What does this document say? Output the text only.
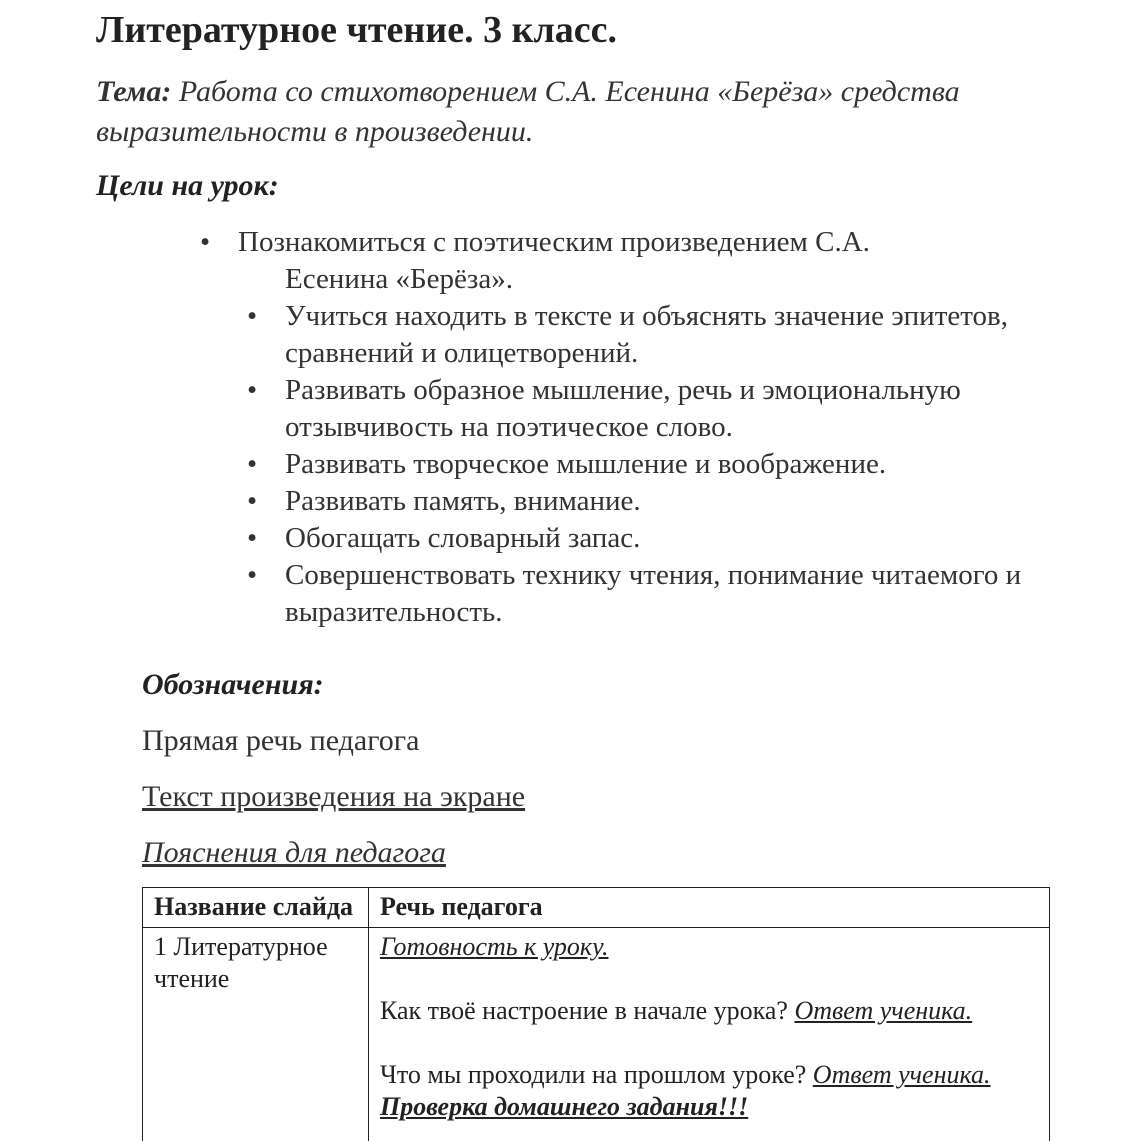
Литературное чтение. 3 класс.
Тема: Работа со стихотворением С.А. Есенина «Берёза» средства выразительности в произведении.
Цели на урок:
• Познакомиться с поэтическим произведением С.А.
Есенина «Берёза».
• Учиться находить в тексте и объяснять значение эпитетов, сравнений и олицетворений.
• Развивать образное мышление, речь и эмоциональную отзывчивость на поэтическое слово.
• Развивать творческое мышление и воображение.
• Развивать память, внимание.
• Обогащать словарный запас.
• Совершенствовать технику чтения, понимание читаемого и выразительность.
Обозначения:
Прямая речь педагога
Текст произведения на экране
Пояснения для педагога
Название слайда	Речь педагога
1 Литературное чтение	Готовность к уроку.

Как твоё настроение в начале урока? Ответ ученика.

Что мы проходили на прошлом уроке? Ответ ученика. Проверка домашнего задания!!!
